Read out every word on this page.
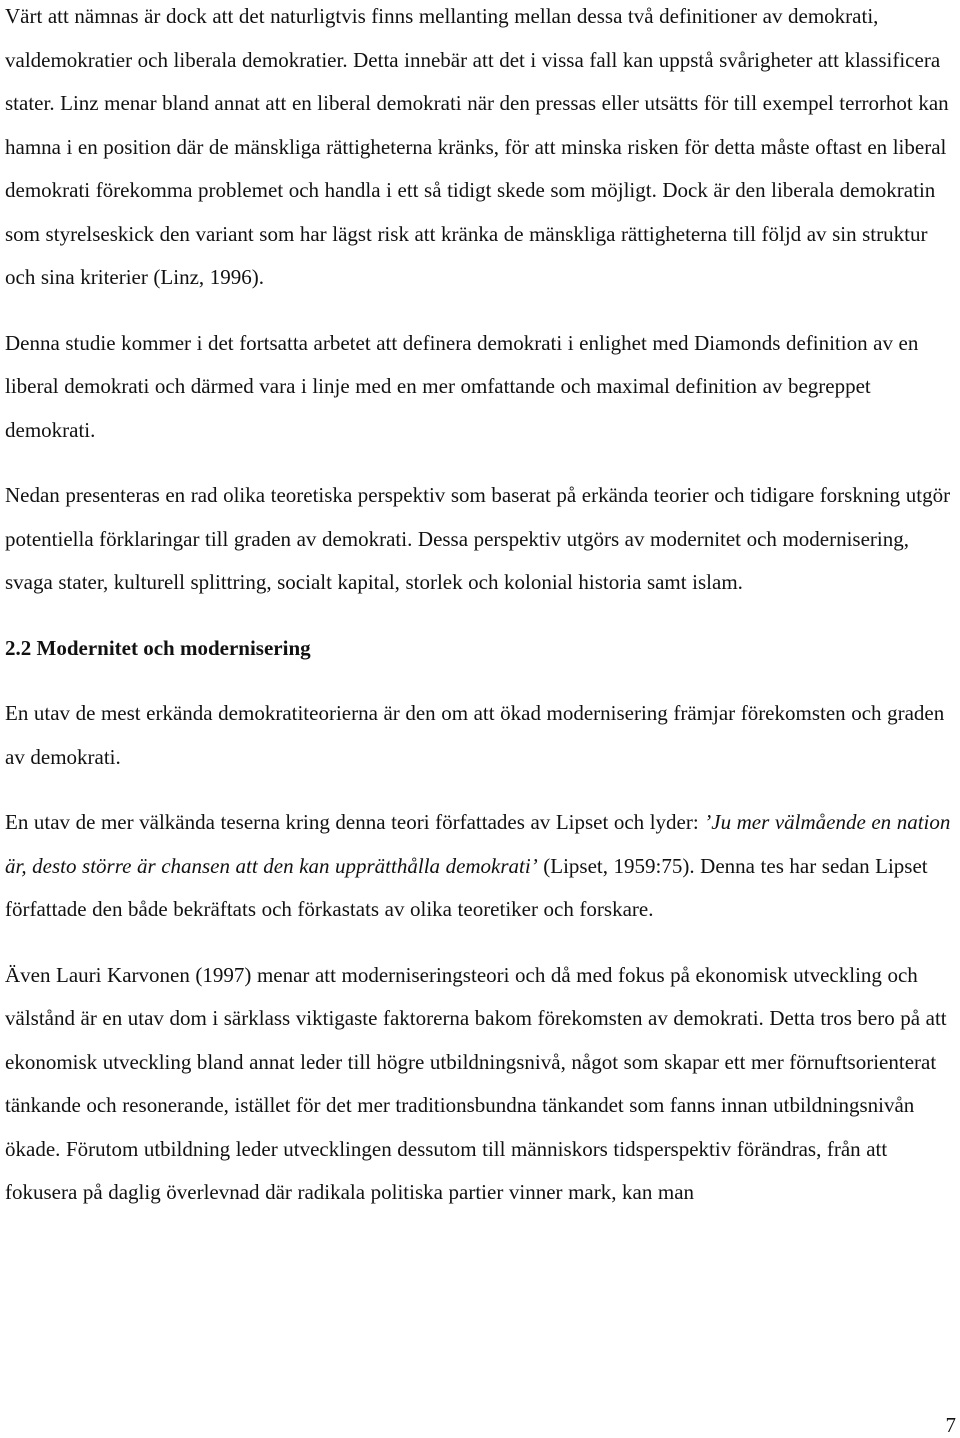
Värt att nämnas är dock att det naturligtvis finns mellanting mellan dessa två definitioner av demokrati, valdemokratier och liberala demokratier. Detta innebär att det i vissa fall kan uppstå svårigheter att klassificera stater. Linz menar bland annat att en liberal demokrati när den pressas eller utsätts för till exempel terrorhot kan hamna i en position där de mänskliga rättigheterna kränks, för att minska risken för detta måste oftast en liberal demokrati förekomma problemet och handla i ett så tidigt skede som möjligt. Dock är den liberala demokratin som styrelseskick den variant som har lägst risk att kränka de mänskliga rättigheterna till följd av sin struktur och sina kriterier (Linz, 1996).

Denna studie kommer i det fortsatta arbetet att definera demokrati i enlighet med Diamonds definition av en liberal demokrati och därmed vara i linje med en mer omfattande och maximal definition av begreppet demokrati.

Nedan presenteras en rad olika teoretiska perspektiv som baserat på erkända teorier och tidigare forskning utgör potentiella förklaringar till graden av demokrati. Dessa perspektiv utgörs av modernitet och modernisering, svaga stater, kulturell splittring, socialt kapital, storlek och kolonial historia samt islam.

2.2 Modernitet och modernisering

En utav de mest erkända demokratiteorierna är den om att ökad modernisering främjar förekomsten och graden av demokrati.

En utav de mer välkända teserna kring denna teori författades av Lipset och lyder: ’Ju mer välmående en nation är, desto större är chansen att den kan upprätthålla demokrati’ (Lipset, 1959:75). Denna tes har sedan Lipset författade den både bekräftats och förkastats av olika teoretiker och forskare.

Även Lauri Karvonen (1997) menar att moderniseringsteori och då med fokus på ekonomisk utveckling och välstånd är en utav dom i särklass viktigaste faktorerna bakom förekomsten av demokrati. Detta tros bero på att ekonomisk utveckling bland annat leder till högre utbildningsnivå, något som skapar ett mer förnuftsorienterat tänkande och resonerande, istället för det mer traditionsbundna tänkandet som fanns innan utbildningsnivån ökade. Förutom utbildning leder utvecklingen dessutom till människors tidsperspektiv förändras, från att fokusera på daglig överlevnad där radikala politiska partier vinner mark, kan man

7
